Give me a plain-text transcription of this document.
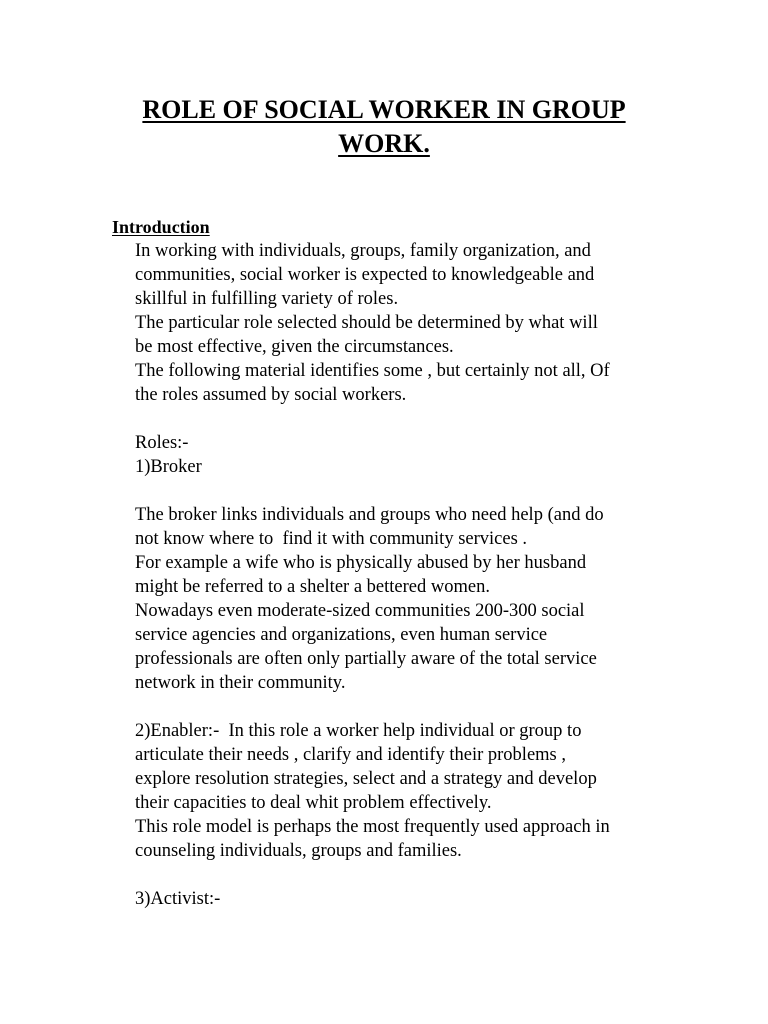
ROLE OF SOCIAL WORKER IN GROUP
WORK.
Introduction
In working with individuals, groups, family organization, and
communities, social worker is expected to knowledgeable and
skillful in fulfilling variety of roles.
The particular role selected should be determined by what will
be most effective, given the circumstances.
The following material identifies some , but certainly not all, Of
the roles assumed by social workers.
Roles:-
1)Broker
The broker links individuals and groups who need help (and do
not know where to  find it with community services .
For example a wife who is physically abused by her husband
might be referred to a shelter a bettered women.
Nowadays even moderate-sized communities 200-300 social
service agencies and organizations, even human service
professionals are often only partially aware of the total service
network in their community.
2)Enabler:-  In this role a worker help individual or group to
articulate their needs , clarify and identify their problems ,
explore resolution strategies, select and a strategy and develop
their capacities to deal whit problem effectively.
This role model is perhaps the most frequently used approach in
counseling individuals, groups and families.
3)Activist:-
